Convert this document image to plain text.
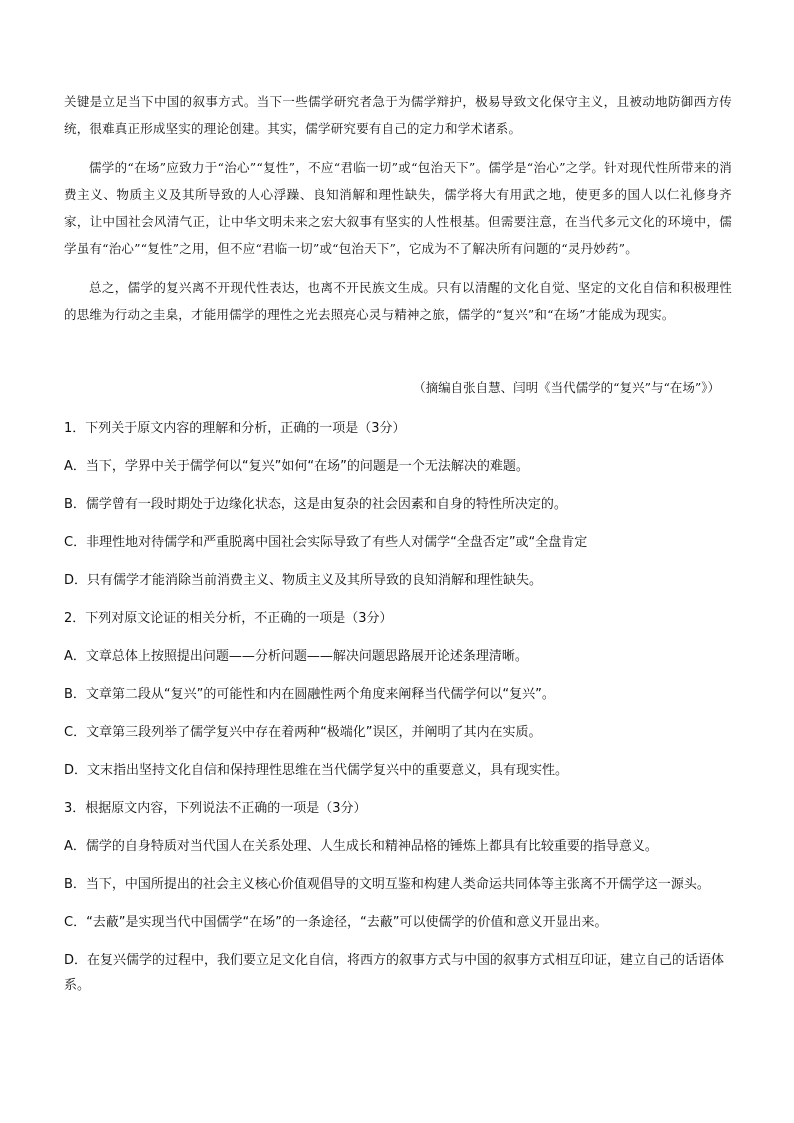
关键是立足当下中国的叙事方式。当下一些儒学研究者急于为儒学辩护，极易导致文化保守主义，且被动地防御西方传统，很难真正形成坚实的理论创建。其实，儒学研究要有自己的定力和学术诸系。

儒学的“在场”应致力于“治心”“复性”，不应“君临一切”或“包治天下”。儒学是“治心”之学。针对现代性所带来的消费主义、物质主义及其所导致的人心浮躁、良知消解和理性缺失，儒学将大有用武之地，使更多的国人以仁礼修身齐家，让中国社会风清气正，让中华文明未来之宏大叙事有坚实的人性根基。但需要注意，在当代多元文化的环境中，儒学虽有“治心”“复性”之用，但不应“君临一切”或“包治天下”，它成为不了解决所有问题的“灵丹妙药”。

总之，儒学的复兴离不开现代性表达，也离不开民族文生成。只有以清醒的文化自觉、坚定的文化自信和积极理性的思维为行动之圭臬，才能用儒学的理性之光去照亮心灵与精神之旅，儒学的“复兴”和“在场”才能成为现实。

（摘编自张自慧、闫明《当代儒学的“复兴”与“在场”》）
1．下列关于原文内容的理解和分析，正确的一项是（3分）
A．当下，学界中关于儒学何以“复兴”如何“在场”的问题是一个无法解决的难题。
B．儒学曾有一段时期处于边缘化状态，这是由复杂的社会因素和自身的特性所决定的。
C．非理性地对待儒学和严重脱离中国社会实际导致了有些人对儒学“全盘否定”或“全盘肯定
D．只有儒学才能消除当前消费主义、物质主义及其所导致的良知消解和理性缺失。
2．下列对原文论证的相关分析，不正确的一项是（3分）
A．文章总体上按照提出问题——分析问题——解决问题思路展开论述条理清晰。
B．文章第二段从“复兴”的可能性和内在圆融性两个角度来阐释当代儒学何以“复兴”。
C．文章第三段列举了儒学复兴中存在着两种“极端化”误区，并阐明了其内在实质。
D．文末指出坚持文化自信和保持理性思维在当代儒学复兴中的重要意义，具有现实性。
3．根据原文内容，下列说法不正确的一项是（3分）
A．儒学的自身特质对当代国人在关系处理、人生成长和精神品格的锤炼上都具有比较重要的指导意义。
B．当下，中国所提出的社会主义核心价值观倡导的文明互鉴和构建人类命运共同体等主张离不开儒学这一源头。
C．“去蔽”是实现当代中国儒学“在场”的一条途径，“去蔽”可以使儒学的价值和意义开显出来。
D．在复兴儒学的过程中，我们要立足文化自信，将西方的叙事方式与中国的叙事方式相互印证，建立自己的话语体系。
